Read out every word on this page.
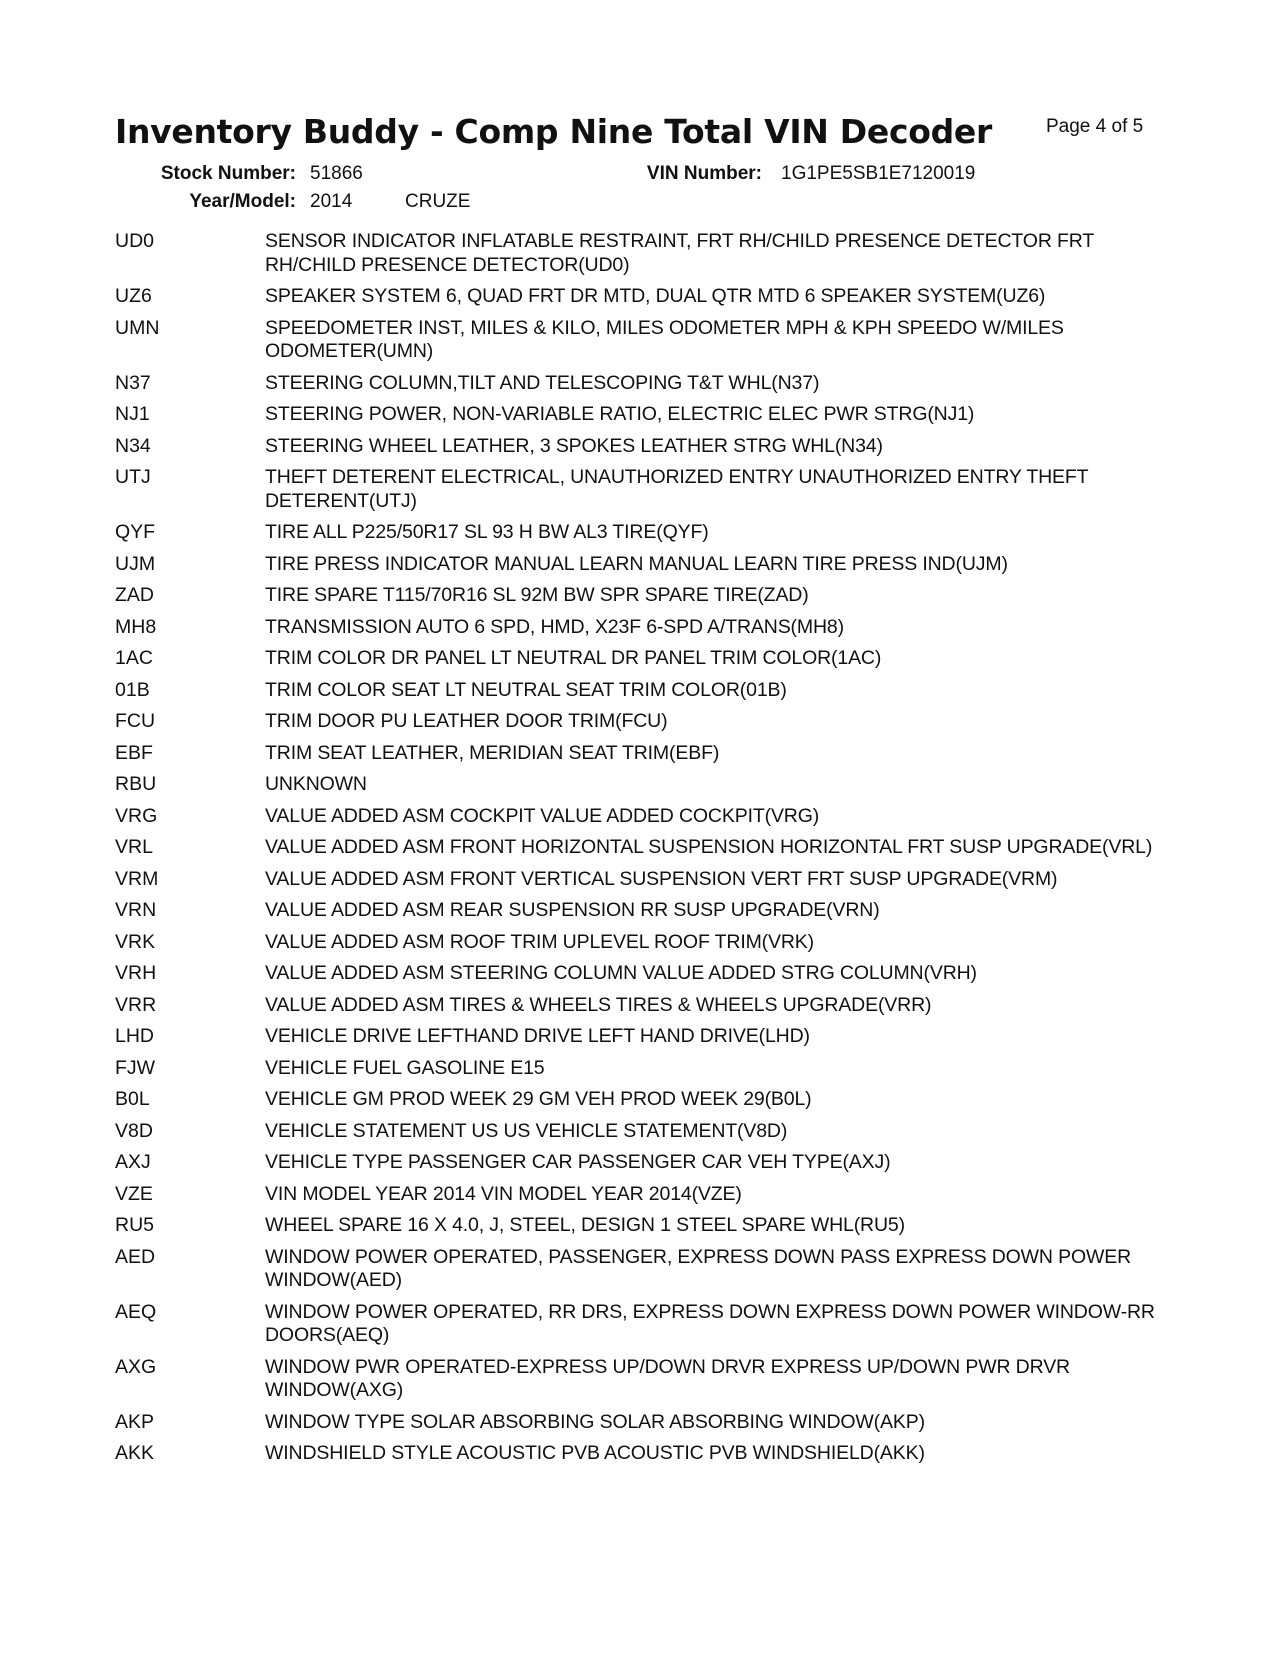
Inventory Buddy - Comp Nine Total VIN Decoder	Page 4 of 5
Stock Number: 51866	VIN Number: 1G1PE5SB1E7120019
Year/Model: 2014	CRUZE
UD0	SENSOR INDICATOR INFLATABLE RESTRAINT, FRT RH/CHILD PRESENCE DETECTOR FRT RH/CHILD PRESENCE DETECTOR(UD0)
UZ6	SPEAKER SYSTEM 6, QUAD FRT DR MTD, DUAL QTR MTD 6 SPEAKER SYSTEM(UZ6)
UMN	SPEEDOMETER INST, MILES & KILO, MILES ODOMETER MPH & KPH SPEEDO W/MILES ODOMETER(UMN)
N37	STEERING COLUMN,TILT AND TELESCOPING T&T WHL(N37)
NJ1	STEERING POWER, NON-VARIABLE RATIO, ELECTRIC ELEC PWR STRG(NJ1)
N34	STEERING WHEEL LEATHER, 3 SPOKES LEATHER STRG WHL(N34)
UTJ	THEFT DETERENT ELECTRICAL, UNAUTHORIZED ENTRY UNAUTHORIZED ENTRY THEFT DETERENT(UTJ)
QYF	TIRE ALL P225/50R17 SL 93 H BW AL3 TIRE(QYF)
UJM	TIRE PRESS INDICATOR MANUAL LEARN MANUAL LEARN TIRE PRESS IND(UJM)
ZAD	TIRE SPARE T115/70R16 SL 92M BW SPR SPARE TIRE(ZAD)
MH8	TRANSMISSION AUTO 6 SPD, HMD, X23F 6-SPD A/TRANS(MH8)
1AC	TRIM COLOR DR PANEL LT NEUTRAL DR PANEL TRIM COLOR(1AC)
01B	TRIM COLOR SEAT LT NEUTRAL SEAT TRIM COLOR(01B)
FCU	TRIM DOOR PU LEATHER DOOR TRIM(FCU)
EBF	TRIM SEAT LEATHER, MERIDIAN SEAT TRIM(EBF)
RBU	UNKNOWN
VRG	VALUE ADDED ASM COCKPIT VALUE ADDED COCKPIT(VRG)
VRL	VALUE ADDED ASM FRONT HORIZONTAL SUSPENSION HORIZONTAL FRT SUSP UPGRADE(VRL)
VRM	VALUE ADDED ASM FRONT VERTICAL SUSPENSION VERT FRT SUSP UPGRADE(VRM)
VRN	VALUE ADDED ASM REAR SUSPENSION RR SUSP UPGRADE(VRN)
VRK	VALUE ADDED ASM ROOF TRIM UPLEVEL ROOF TRIM(VRK)
VRH	VALUE ADDED ASM STEERING COLUMN VALUE ADDED STRG COLUMN(VRH)
VRR	VALUE ADDED ASM TIRES & WHEELS TIRES & WHEELS UPGRADE(VRR)
LHD	VEHICLE DRIVE LEFTHAND DRIVE LEFT HAND DRIVE(LHD)
FJW	VEHICLE FUEL GASOLINE E15
B0L	VEHICLE GM PROD WEEK 29 GM VEH PROD WEEK 29(B0L)
V8D	VEHICLE STATEMENT US US VEHICLE STATEMENT(V8D)
AXJ	VEHICLE TYPE PASSENGER CAR PASSENGER CAR VEH TYPE(AXJ)
VZE	VIN MODEL YEAR 2014 VIN MODEL YEAR 2014(VZE)
RU5	WHEEL SPARE 16 X 4.0, J, STEEL, DESIGN 1 STEEL SPARE WHL(RU5)
AED	WINDOW POWER OPERATED, PASSENGER, EXPRESS DOWN PASS EXPRESS DOWN POWER WINDOW(AED)
AEQ	WINDOW POWER OPERATED, RR DRS, EXPRESS DOWN EXPRESS DOWN POWER WINDOW-RR DOORS(AEQ)
AXG	WINDOW PWR OPERATED-EXPRESS UP/DOWN DRVR EXPRESS UP/DOWN PWR DRVR WINDOW(AXG)
AKP	WINDOW TYPE SOLAR ABSORBING SOLAR ABSORBING WINDOW(AKP)
AKK	WINDSHIELD STYLE ACOUSTIC PVB ACOUSTIC PVB WINDSHIELD(AKK)
